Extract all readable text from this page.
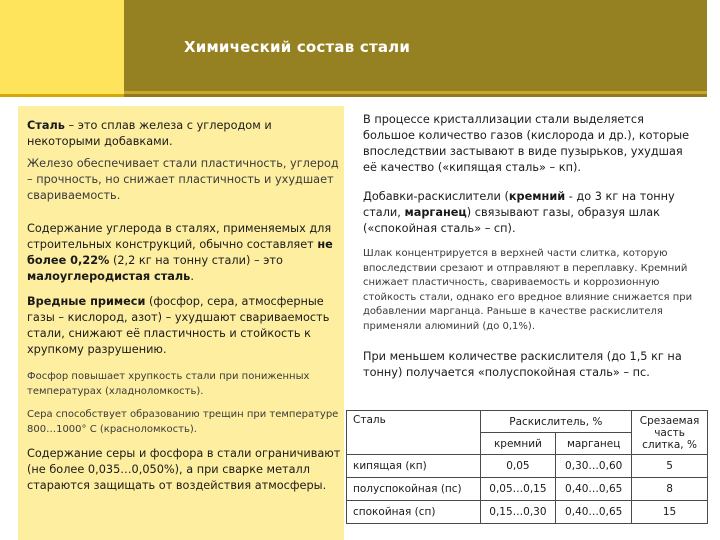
Химический состав стали

Сталь – это сплав железа с углеродом и некоторыми добавками.

Железо обеспечивает стали пластичность, углерод – прочность, но снижает пластичность и ухудшает свариваемость.

Содержание углерода в сталях, применяемых для строительных конструкций, обычно составляет не более 0,22% (2,2 кг на тонну стали) – это малоуглеродистая сталь.

Вредные примеси (фосфор, сера, атмосферные газы – кислород, азот) – ухудшают свариваемость стали, снижают её пластичность и стойкость к хрупкому разрушению.

Фосфор повышает хрупкость стали при пониженных температурах (хладноломкость).

Сера способствует образованию трещин при температуре 800…1000° С (красноломкость).

Содержание серы и фосфора в стали ограничивают (не более 0,035…0,050%), а при сварке металл стараются защищать от воздействия атмосферы.

В процессе кристаллизации стали выделяется большое количество газов (кислорода и др.), которые впоследствии застывают в виде пузырьков, ухудшая её качество («кипящая сталь» – кп).

Добавки-раскислители (кремний - до 3 кг на тонну стали, марганец) связывают газы, образуя шлак («спокойная сталь» – сп).

Шлак концентрируется в верхней части слитка, которую впоследствии срезают и отправляют в переплавку. Кремний снижает пластичность, свариваемость и коррозионную стойкость стали, однако его вредное влияние снижается при добавлении марганца. Раньше в качестве раскислителя применяли алюминий (до 0,1%).

При меньшем количестве раскислителя (до 1,5 кг на тонну) получается «полуспокойная сталь» – пс.

Сталь	Раскислитель, %		Срезаемая часть слитка, %
	кремний	марганец	
кипящая (кп)	0,05	0,30…0,60	5
полуспокойная (пс)	0,05…0,15	0,40…0,65	8
спокойная (сп)	0,15…0,30	0,40…0,65	15
